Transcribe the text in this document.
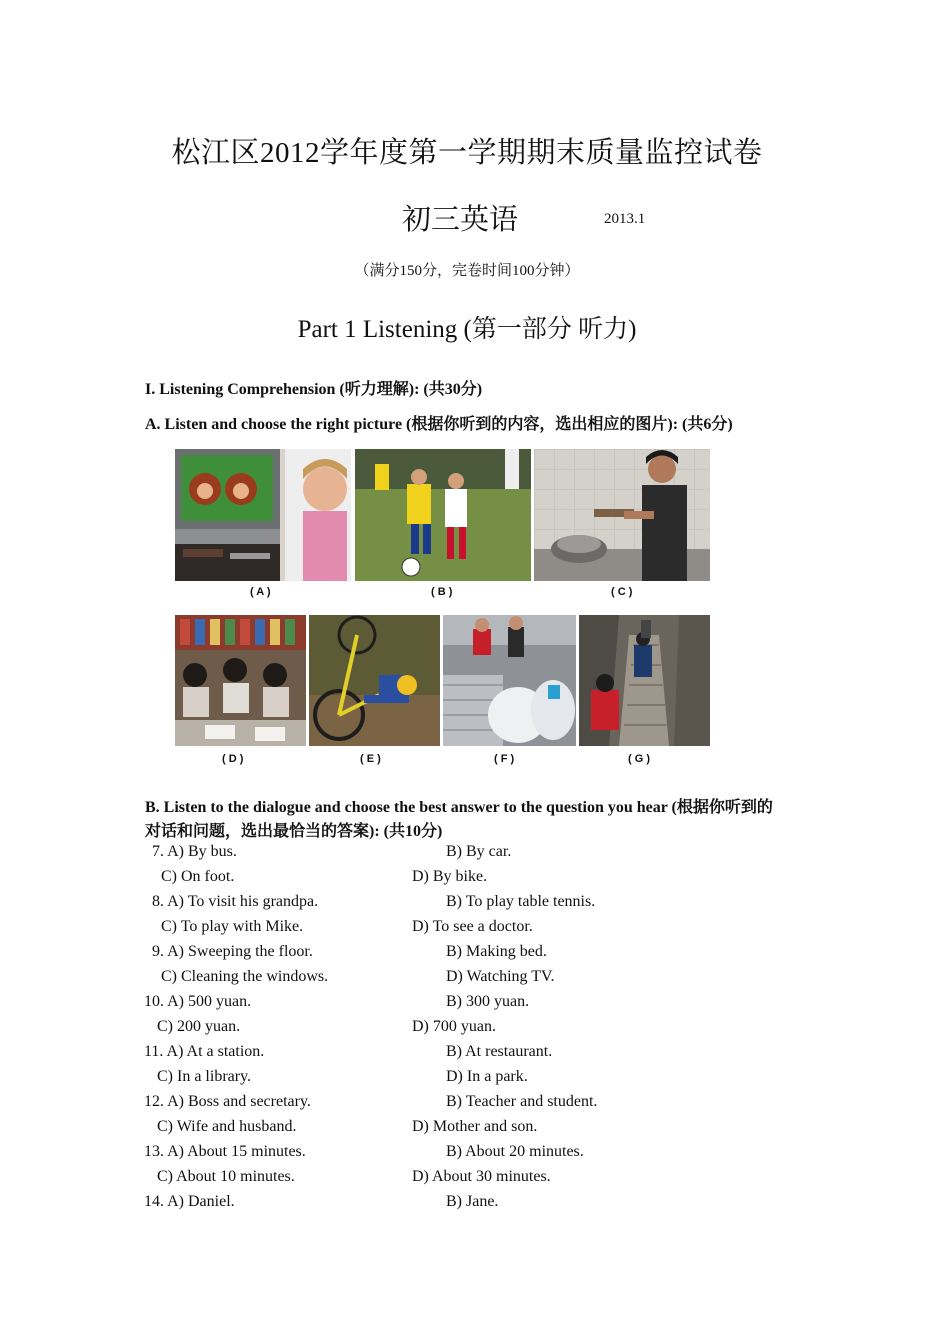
松江区2012学年度第一学期期末质量监控试卷
初三英语	2013.1
（满分150分，完卷时间100分钟）
Part 1 Listening (第一部分 听力)
I. Listening Comprehension (听力理解): (共30分)
A. Listen and choose the right picture (根据你听到的内容，选出相应的图片): (共6分)
( A )	( B )	( C )
( D )	( E )	( F )	( G )
B. Listen to the dialogue and choose the best answer to the question you hear (根据你听到的
对话和问题，选出最恰当的答案): (共10分)
7. A) By bus.	B) By car.
C) On foot.	D) By bike.
8. A) To visit his grandpa.	B) To play table tennis.
C) To play with Mike.	D) To see a doctor.
9. A) Sweeping the floor.	B) Making bed.
C) Cleaning the windows.	D) Watching TV.
10. A) 500 yuan.	B) 300 yuan.
C) 200 yuan.	D) 700 yuan.
11. A) At a station.	B) At restaurant.
C) In a library.	D) In a park.
12. A) Boss and secretary.	B) Teacher and student.
C) Wife and husband.	D) Mother and son.
13. A) About 15 minutes.	B) About 20 minutes.
C) About 10 minutes.	D) About 30 minutes.
14. A) Daniel.	B) Jane.
